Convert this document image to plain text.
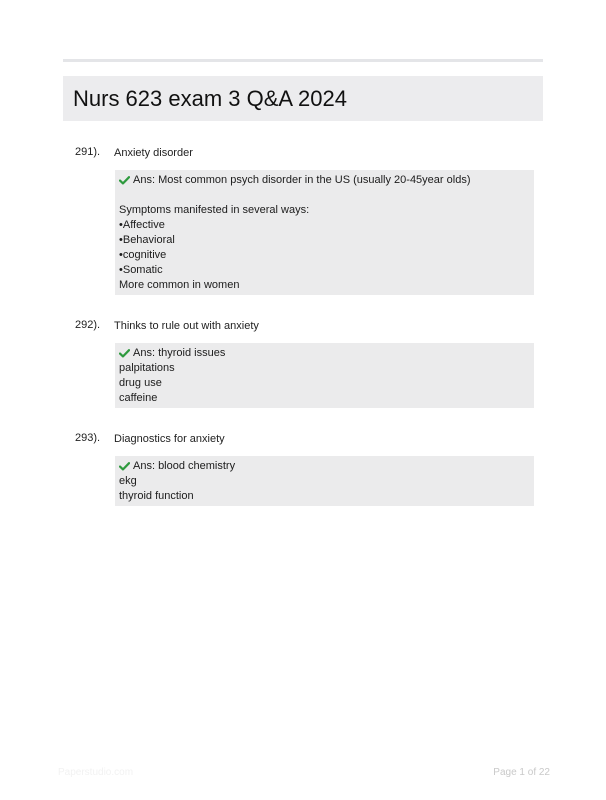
Nurs 623 exam 3 Q&A 2024
291). Anxiety disorder
Ans: Most common psych disorder in the US (usually 20-45year olds)
Symptoms manifested in several ways:
•Affective
•Behavioral
•cognitive
•Somatic
More common in women
292). Thinks to rule out with anxiety
Ans: thyroid issues
palpitations
drug use
caffeine
293). Diagnostics for anxiety
Ans: blood chemistry
ekg
thyroid function
Paperstudio.com	Page 1 of 22
